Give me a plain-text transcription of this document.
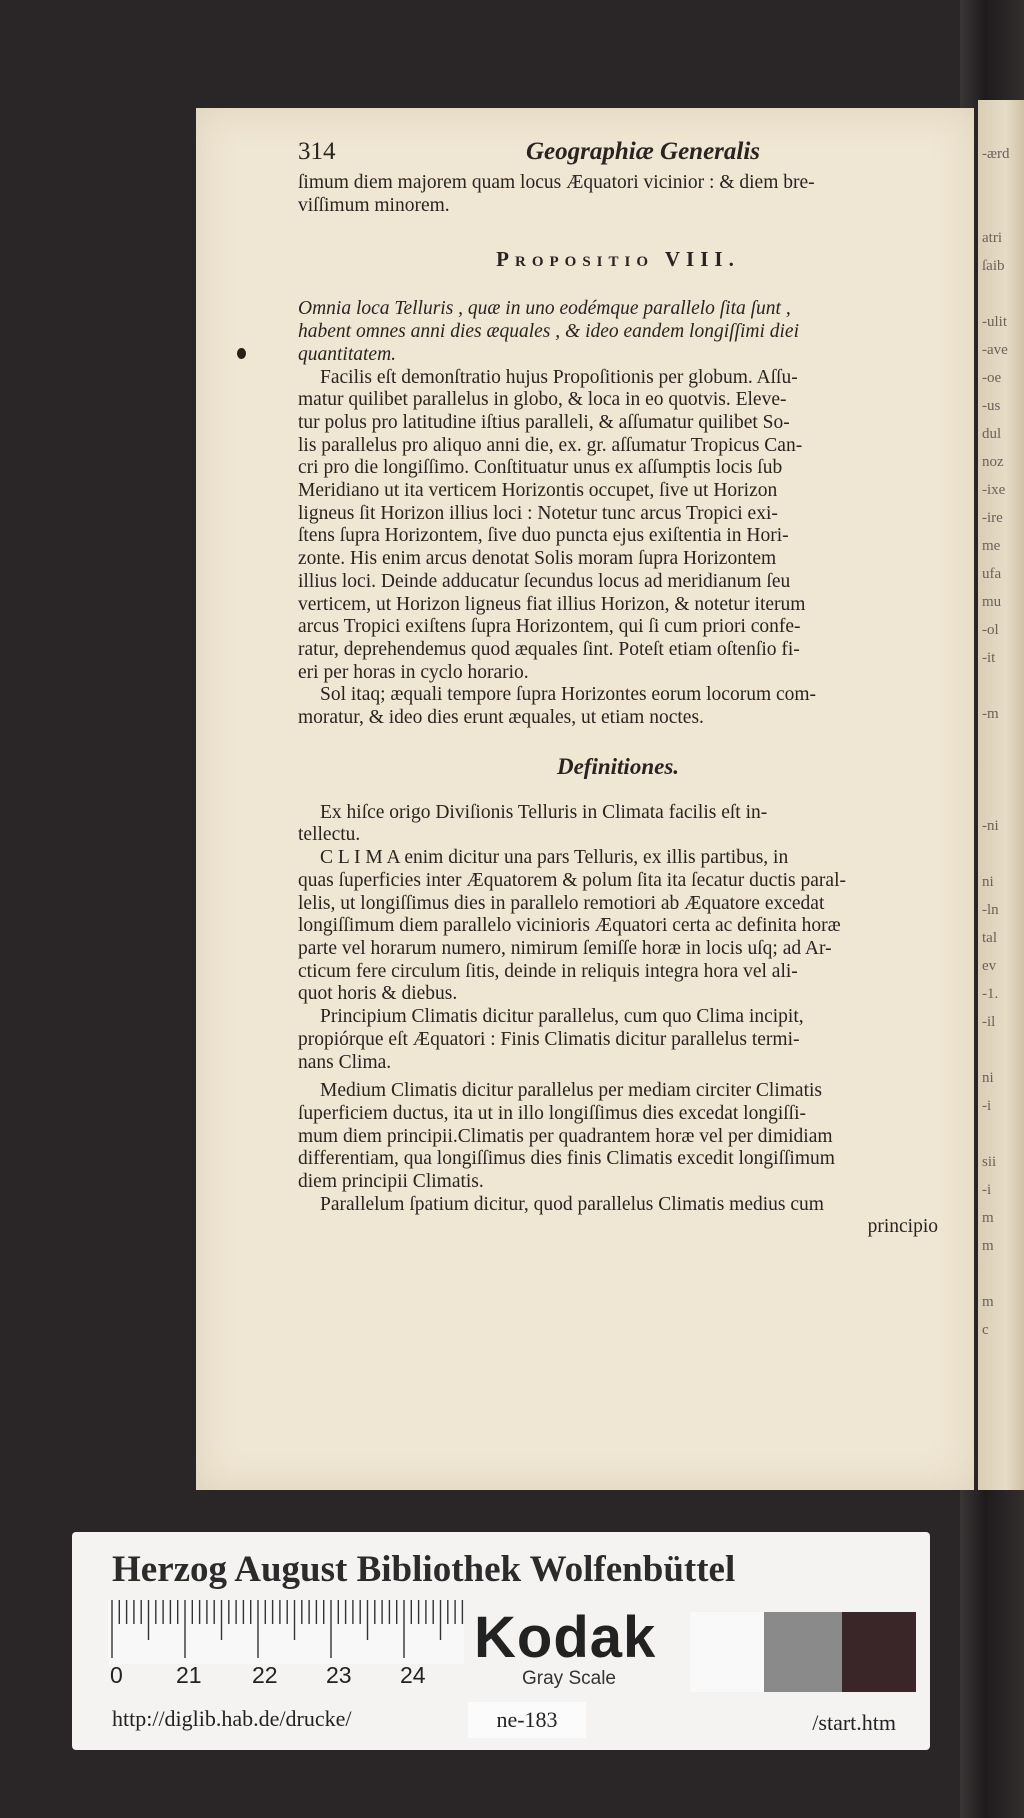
-ærd
atri
ſaib
-ulit
-ave
-oe
-us
dul
noz
-ixe
-ire
me
ufa
mu
-ol
-it
-m
-ni
ni
-ln
tal
ev
-1.
-il
ni
-i
sii
-i
m
m
m
c
314	Geographiæ Generalis
ſimum diem majorem quam locus Æquatori vicinior : & diem bre-
viſſimum minorem.
Propositio VIII.
Omnia loca Telluris , quæ in uno eodémque parallelo ſita ſunt ,
habent omnes anni dies æquales , & ideo eandem longiſſimi diei
quantitatem.
Facilis eſt demonſtratio hujus Propoſitionis per globum. Aſſu-
matur quilibet parallelus in globo, & loca in eo quotvis. Eleve-
tur polus pro latitudine iſtius paralleli, & aſſumatur quilibet So-
lis parallelus pro aliquo anni die, ex. gr. aſſumatur Tropicus Can-
cri pro die longiſſimo. Conſtituatur unus ex aſſumptis locis ſub
Meridiano ut ita verticem Horizontis occupet, ſive ut Horizon
ligneus ſit Horizon illius loci : Notetur tunc arcus Tropici exi-
ſtens ſupra Horizontem, ſive duo puncta ejus exiſtentia in Hori-
zonte. His enim arcus denotat Solis moram ſupra Horizontem
illius loci. Deinde adducatur ſecundus locus ad meridianum ſeu
verticem, ut Horizon ligneus fiat illius Horizon, & notetur iterum
arcus Tropici exiſtens ſupra Horizontem, qui ſi cum priori confe-
ratur, deprehendemus quod æquales ſint. Poteſt etiam oſtenſio fi-
eri per horas in cyclo horario.
Sol itaq; æquali tempore ſupra Horizontes eorum locorum com-
moratur, & ideo dies erunt æquales, ut etiam noctes.
Definitiones.
Ex hiſce origo Diviſionis Telluris in Climata facilis eſt in-
tellectu.
C L I M A enim dicitur una pars Telluris, ex illis partibus, in
quas ſuperficies inter Æquatorem & polum ſita ita ſecatur ductis paral-
lelis, ut longiſſimus dies in parallelo remotiori ab Æquatore excedat
longiſſimum diem parallelo vicinioris Æquatori certa ac definita horæ
parte vel horarum numero, nimirum ſemiſſe horæ in locis uſq; ad Ar-
cticum fere circulum ſitis, deinde in reliquis integra hora vel ali-
quot horis & diebus.
Principium Climatis dicitur parallelus, cum quo Clima incipit,
propiórque eſt Æquatori : Finis Climatis dicitur parallelus termi-
nans Clima.
Medium Climatis dicitur parallelus per mediam circiter Climatis
ſuperficiem ductus, ita ut in illo longiſſimus dies excedat longiſſi-
mum diem principii.Climatis per quadrantem horæ vel per dimidiam
differentiam, qua longiſſimus dies finis Climatis excedit longiſſimum
diem principii Climatis.
Parallelum ſpatium dicitur, quod parallelus Climatis medius cum
principio
Herzog August Bibliothek Wolfenbüttel
0 21 22 23 24
Kodak
Gray Scale
http://diglib.hab.de/drucke/	ne-183	/start.htm
